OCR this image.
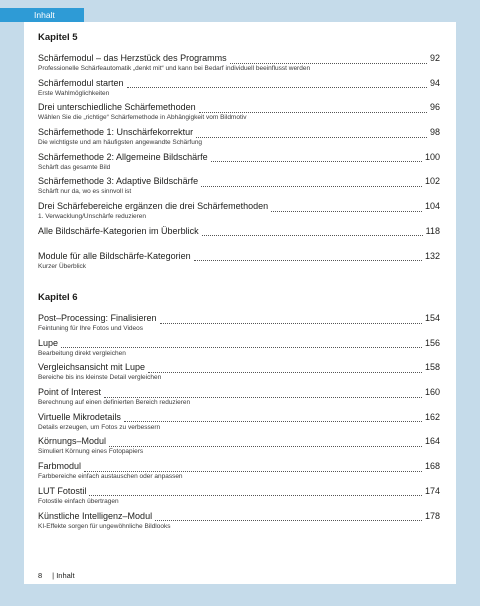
Inhalt
Kapitel 5
Schärfemodul – das Herzstück des Programms	92
Professionelle Schärfeautomatik „denkt mit“ und kann bei Bedarf individuell beeinflusst werden
Schärfemodul starten	94
Erste Wahlmöglichkeiten
Drei unterschiedliche Schärfemethoden	96
Wählen Sie die „richtige“ Schärfemethode in Abhängigkeit vom Bildmotiv
Schärfemethode 1: Unschärfekorrektur	98
Die wichtigste und am häufigsten angewandte Schärfung
Schärfemethode 2: Allgemeine Bildschärfe	100
Schärft das gesamte Bild
Schärfemethode 3: Adaptive Bildschärfe	102
Schärft nur da, wo es sinnvoll ist
Drei Schärfebereiche ergänzen die drei Schärfemethoden	104
1. Verwacklung/Unschärfe reduzieren
Alle Bildschärfe-Kategorien im Überblick	118
Module für alle Bildschärfe-Kategorien	132
Kurzer Überblick
Kapitel 6
Post–Processing: Finalisieren	154
Feintuning für Ihre Fotos und Videos
Lupe	156
Bearbeitung direkt vergleichen
Vergleichsansicht mit Lupe	158
Bereiche bis ins kleinste Detail vergleichen
Point of Interest	160
Berechnung auf einen definierten Bereich reduzieren
Virtuelle Mikrodetails	162
Details erzeugen, um Fotos zu verbessern
Körnungs–Modul	164
Simuliert Körnung eines Fotopapiers
Farbmodul	168
Farbbereiche einfach austauschen oder anpassen
LUT Fotostil	174
Fotostile einfach übertragen
Künstliche Intelligenz–Modul	178
KI-Effekte sorgen für ungewöhnliche Bildlooks
8 | Inhalt
